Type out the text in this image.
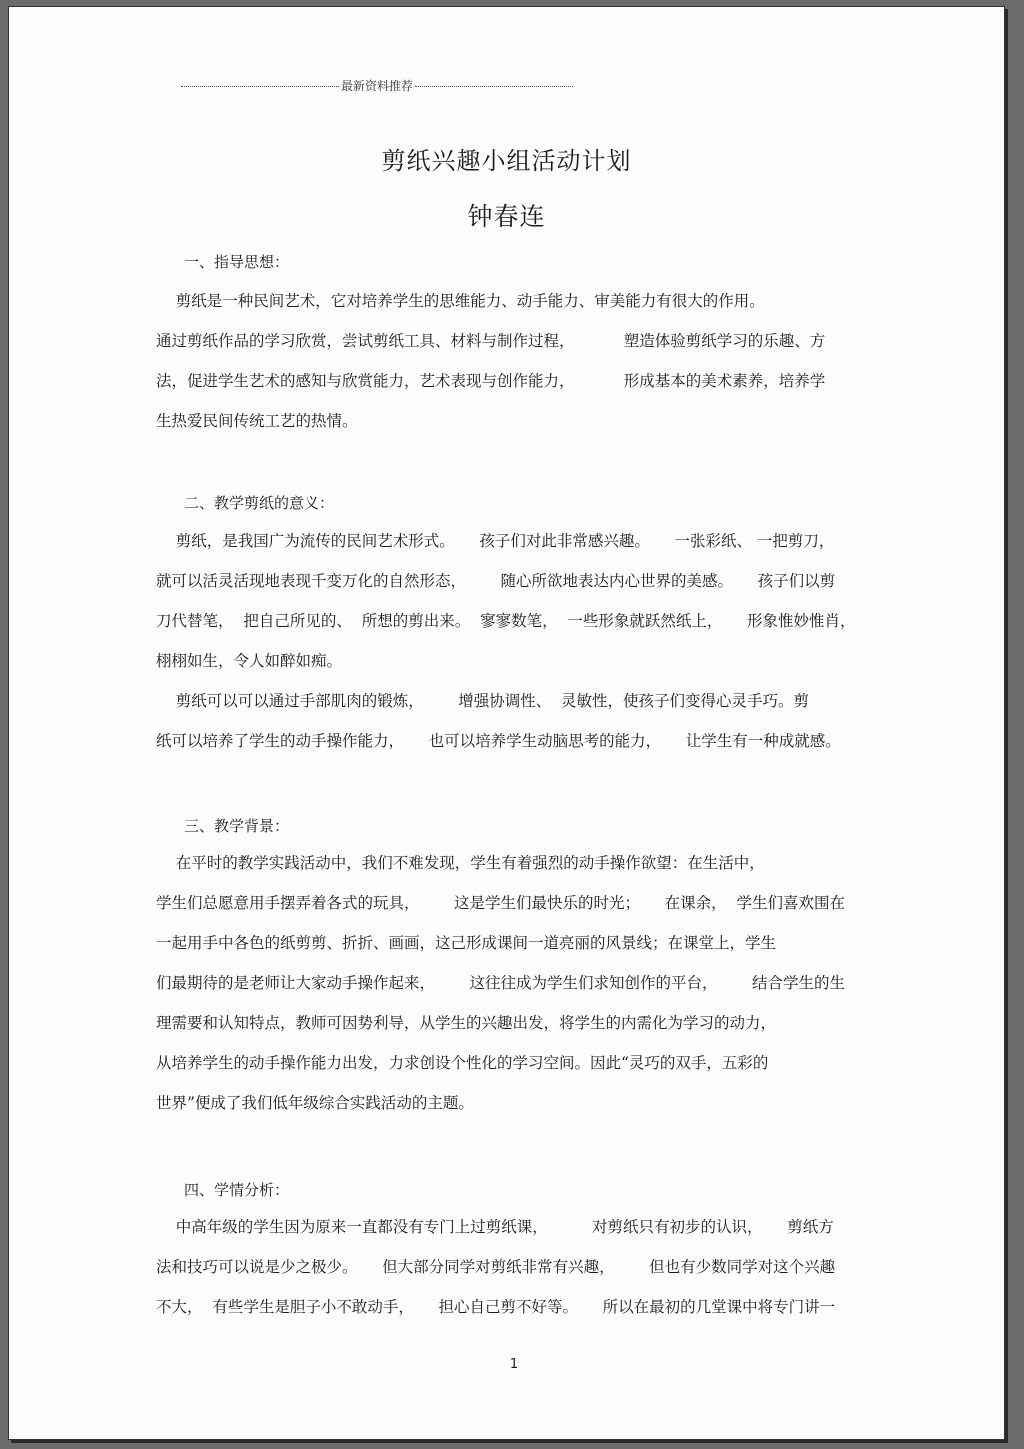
最新资料推荐
剪纸兴趣小组活动计划
钟春连
一、指导思想：
剪纸是一种民间艺术，它对培养学生的思维能力、动手能力、审美能力有很大的作用。
通过剪纸作品的学习欣赏，尝试剪纸工具、材料与制作过程，          塑造体验剪纸学习的乐趣、方
法，促进学生艺术的感知与欣赏能力，艺术表现与创作能力，          形成基本的美术素养，培养学
生热爱民间传统工艺的热情。
二、教学剪纸的意义：
剪纸，是我国广为流传的民间艺术形式。     孩子们对此非常感兴趣。     一张彩纸、 一把剪刀，
就可以活灵活现地表现千变万化的自然形态，       随心所欲地表达内心世界的美感。     孩子们以剪
刀代替笔，  把自己所见的、  所想的剪出来。  寥寥数笔，  一些形象就跃然纸上，     形象惟妙惟肖，
栩栩如生，令人如醉如痴。
剪纸可以可以通过手部肌肉的锻炼，       增强协调性、  灵敏性，使孩子们变得心灵手巧。剪
纸可以培养了学生的动手操作能力，     也可以培养学生动脑思考的能力，     让学生有一种成就感。
三、教学背景：
在平时的教学实践活动中，我们不难发现，学生有着强烈的动手操作欲望：在生活中，
学生们总愿意用手摆弄着各式的玩具，       这是学生们最快乐的时光；     在课余，  学生们喜欢围在
一起用手中各色的纸剪剪、折折、画画，这己形成课间一道亮丽的风景线；在课堂上，学生
们最期待的是老师让大家动手操作起来，       这往往成为学生们求知创作的平台，       结合学生的生
理需要和认知特点，教师可因势利导，从学生的兴趣出发，将学生的内需化为学习的动力，
从培养学生的动手操作能力出发，力求创设个性化的学习空间。因此“灵巧的双手，五彩的
世界”便成了我们低年级综合实践活动的主题。
四、学情分析：
中高年级的学生因为原来一直都没有专门上过剪纸课，         对剪纸只有初步的认识，     剪纸方
法和技巧可以说是少之极少。     但大部分同学对剪纸非常有兴趣，       但也有少数同学对这个兴趣
不大，  有些学生是胆子小不敢动手，     担心自己剪不好等。     所以在最初的几堂课中将专门讲一
1
